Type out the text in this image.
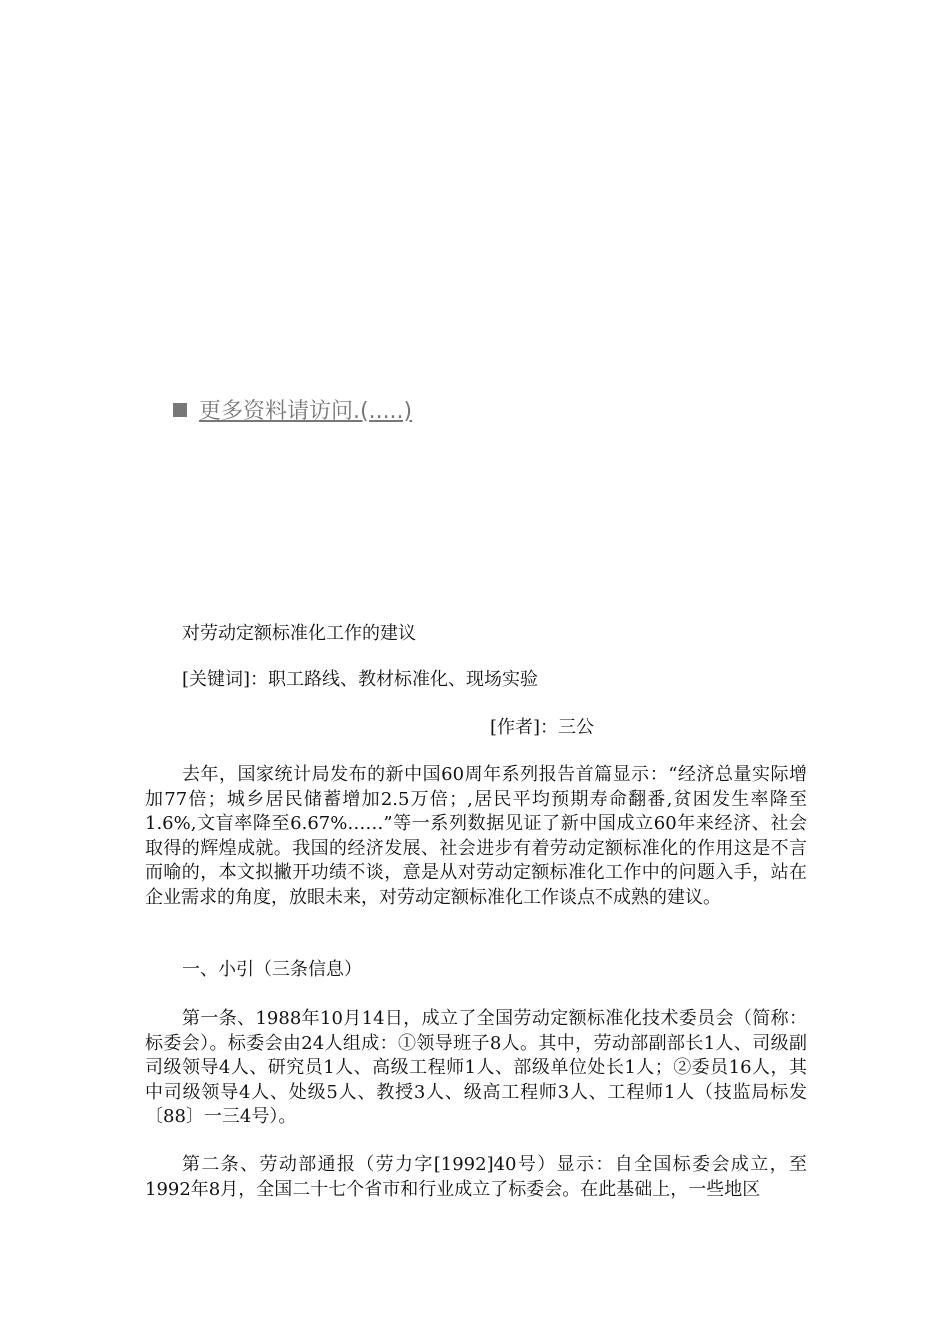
更多资料请访问.(.....)
对劳动定额标准化工作的建议
[关键词]：职工路线、教材标准化、现场实验
[作者]：三公
去年，国家统计局发布的新中国60周年系列报告首篇显示：“经济总量实际增加77倍；城乡居民储蓄增加2.5万倍；,居民平均预期寿命翻番,贫困发生率降至1.6%,文盲率降至6.67%……”等一系列数据见证了新中国成立60年来经济、社会取得的辉煌成就。我国的经济发展、社会进步有着劳动定额标准化的作用这是不言而喻的，本文拟撇开功绩不谈，意是从对劳动定额标准化工作中的问题入手，站在企业需求的角度，放眼未来，对劳动定额标准化工作谈点不成熟的建议。
一、小引（三条信息）
第一条、1988年10月14日，成立了全国劳动定额标准化技术委员会（简称：标委会）。标委会由24人组成：①领导班子8人。其中，劳动部副部长1人、司级副司级领导4人、研究员1人、高级工程师1人、部级单位处长1人；②委员16人，其中司级领导4人、处级5人、教授3人、级高工程师3人、工程师1人（技监局标发〔88〕一三4号）。
第二条、劳动部通报（劳力字[1992]40号）显示：自全国标委会成立，至1992年8月，全国二十七个省市和行业成立了标委会。在此基础上，一些地区
